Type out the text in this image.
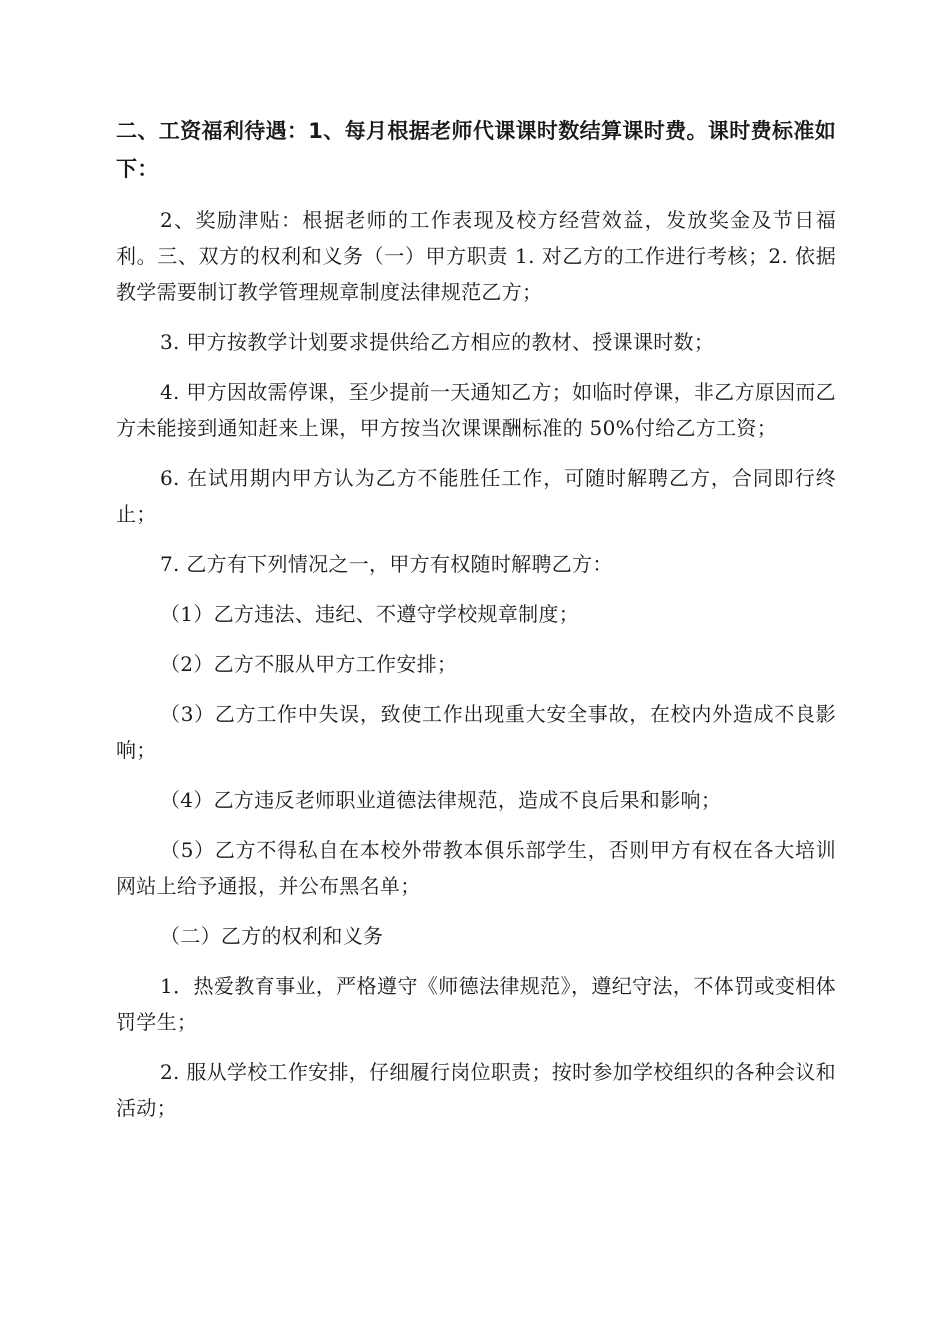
二、工资福利待遇：1、每月根据老师代课课时数结算课时费。课时费标准如下：

2、奖励津贴：根据老师的工作表现及校方经营效益，发放奖金及节日福利。三、双方的权利和义务（一）甲方职责 1. 对乙方的工作进行考核；2. 依据教学需要制订教学管理规章制度法律规范乙方；

3. 甲方按教学计划要求提供给乙方相应的教材、授课课时数；

4. 甲方因故需停课，至少提前一天通知乙方；如临时停课，非乙方原因而乙方未能接到通知赶来上课，甲方按当次课课酬标准的 50%付给乙方工资；

6. 在试用期内甲方认为乙方不能胜任工作，可随时解聘乙方，合同即行终止；

7. 乙方有下列情况之一，甲方有权随时解聘乙方：

（1）乙方违法、违纪、不遵守学校规章制度；

（2）乙方不服从甲方工作安排；

（3）乙方工作中失误，致使工作出现重大安全事故，在校内外造成不良影响；

（4）乙方违反老师职业道德法律规范，造成不良后果和影响；

（5）乙方不得私自在本校外带教本俱乐部学生，否则甲方有权在各大培训网站上给予通报，并公布黑名单；

（二）乙方的权利和义务

1．热爱教育事业，严格遵守《师德法律规范》，遵纪守法，不体罚或变相体罚学生；

2. 服从学校工作安排，仔细履行岗位职责；按时参加学校组织的各种会议和活动；
